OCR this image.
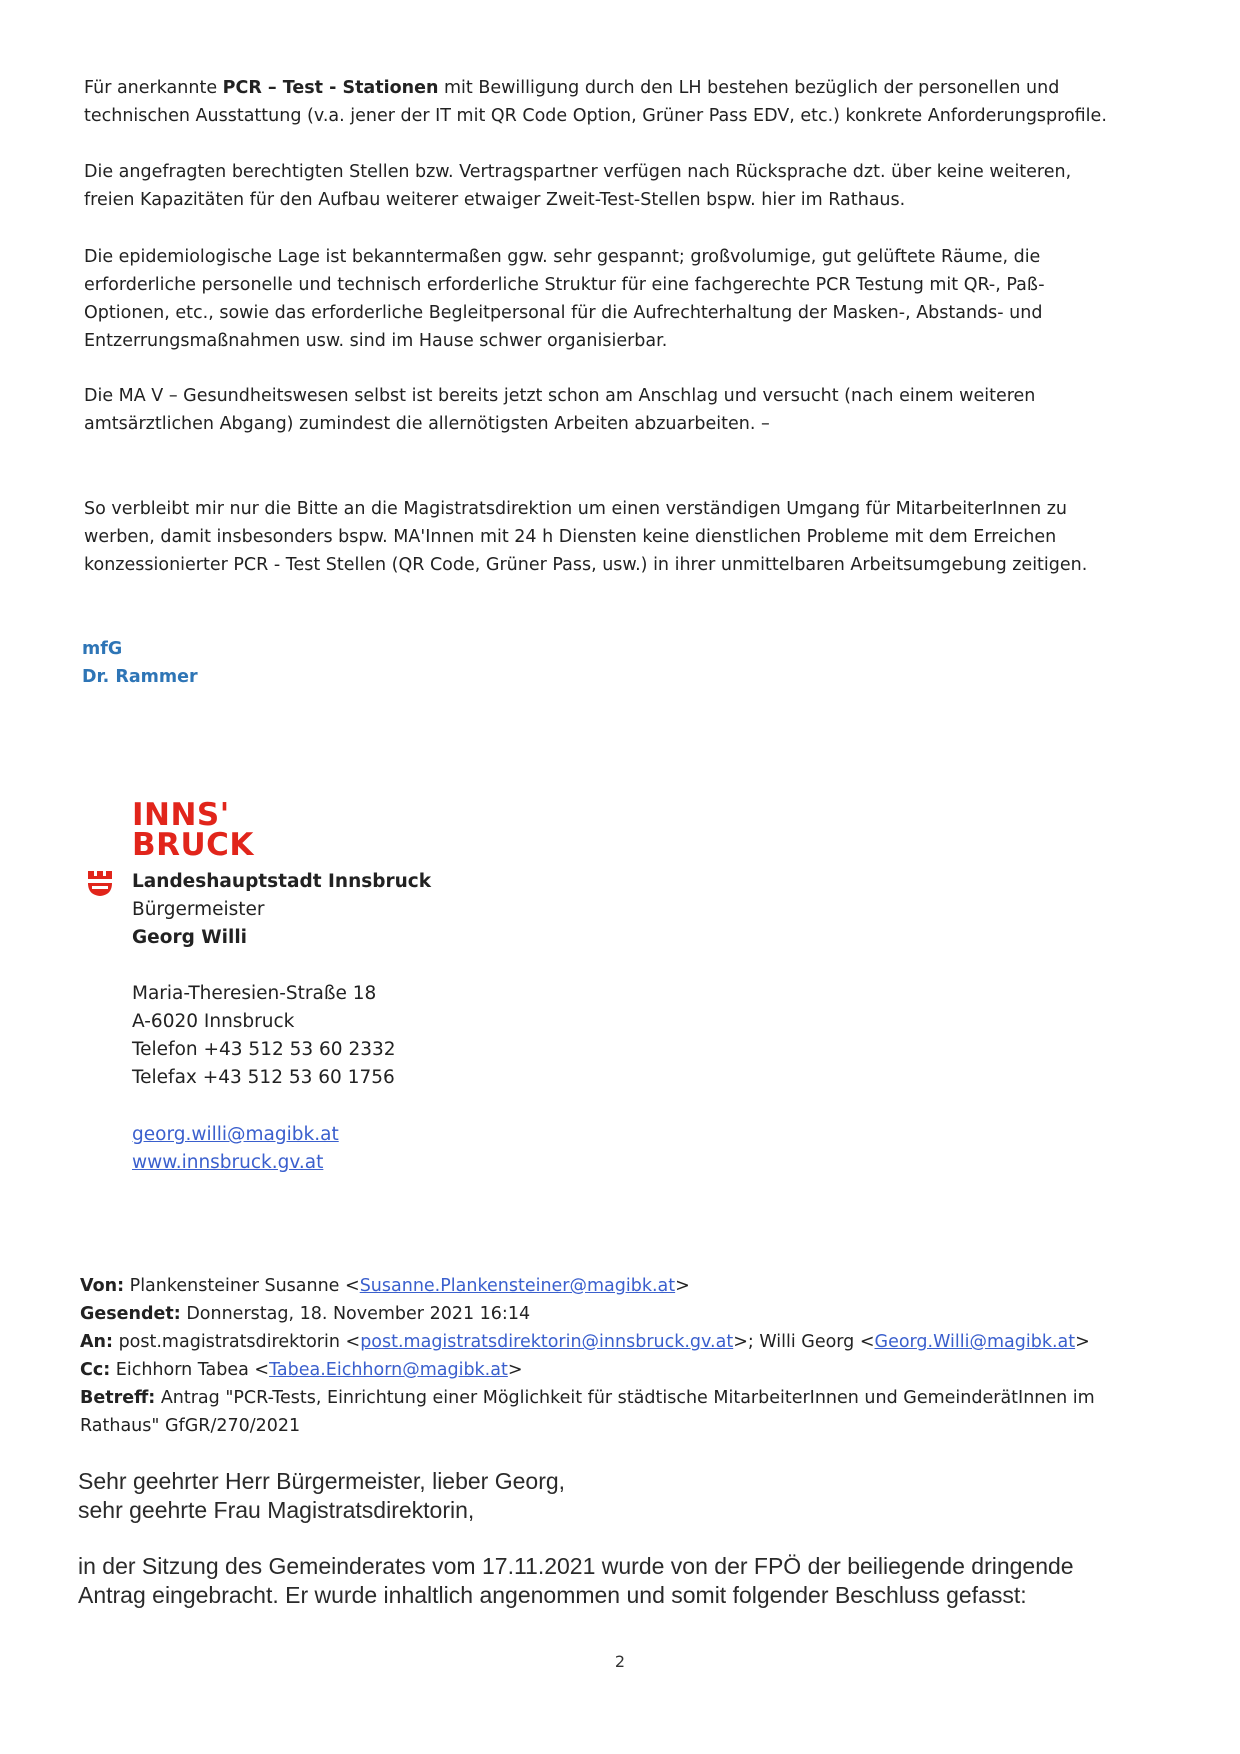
Für anerkannte PCR – Test - Stationen mit Bewilligung durch den LH bestehen bezüglich der personellen und
technischen Ausstattung (v.a. jener der IT mit QR Code Option, Grüner Pass EDV, etc.) konkrete Anforderungsprofile.

Die angefragten berechtigten Stellen bzw. Vertragspartner verfügen nach Rücksprache dzt. über keine weiteren,
freien Kapazitäten für den Aufbau weiterer etwaiger Zweit-Test-Stellen bspw. hier im Rathaus.

Die epidemiologische Lage ist bekanntermaßen ggw. sehr gespannt; großvolumige, gut gelüftete Räume, die
erforderliche personelle und technisch erforderliche Struktur für eine fachgerechte PCR Testung mit QR-, Paß-
Optionen, etc., sowie das erforderliche Begleitpersonal für die Aufrechterhaltung der Masken-, Abstands- und
Entzerrungsmaßnahmen usw. sind im Hause schwer organisierbar.

Die MA V – Gesundheitswesen selbst ist bereits jetzt schon am Anschlag und versucht (nach einem weiteren
amtsärztlichen Abgang) zumindest die allernötigsten Arbeiten abzuarbeiten. –

So verbleibt mir nur die Bitte an die Magistratsdirektion um einen verständigen Umgang für MitarbeiterInnen zu
werben, damit insbesonders bspw. MA'Innen mit 24 h Diensten keine dienstlichen Probleme mit dem Erreichen
konzessionierter PCR - Test Stellen (QR Code, Grüner Pass, usw.) in ihrer unmittelbaren Arbeitsumgebung zeitigen.

mfG
Dr. Rammer
INNS'
BRUCK
Landeshauptstadt Innsbruck
Bürgermeister
Georg Willi
Maria-Theresien-Straße 18
A-6020 Innsbruck
Telefon +43 512 53 60 2332
Telefax +43 512 53 60 1756
georg.willi@magibk.at
www.innsbruck.gv.at
Von: Plankensteiner Susanne <Susanne.Plankensteiner@magibk.at>
Gesendet: Donnerstag, 18. November 2021 16:14
An: post.magistratsdirektorin <post.magistratsdirektorin@innsbruck.gv.at>; Willi Georg <Georg.Willi@magibk.at>
Cc: Eichhorn Tabea <Tabea.Eichhorn@magibk.at>
Betreff: Antrag "PCR-Tests, Einrichtung einer Möglichkeit für städtische MitarbeiterInnen und GemeinderätInnen im
Rathaus" GfGR/270/2021
Sehr geehrter Herr Bürgermeister, lieber Georg,
sehr geehrte Frau Magistratsdirektorin,
in der Sitzung des Gemeinderates vom 17.11.2021 wurde von der FPÖ der beiliegende dringende
Antrag eingebracht. Er wurde inhaltlich angenommen und somit folgender Beschluss gefasst:
2
